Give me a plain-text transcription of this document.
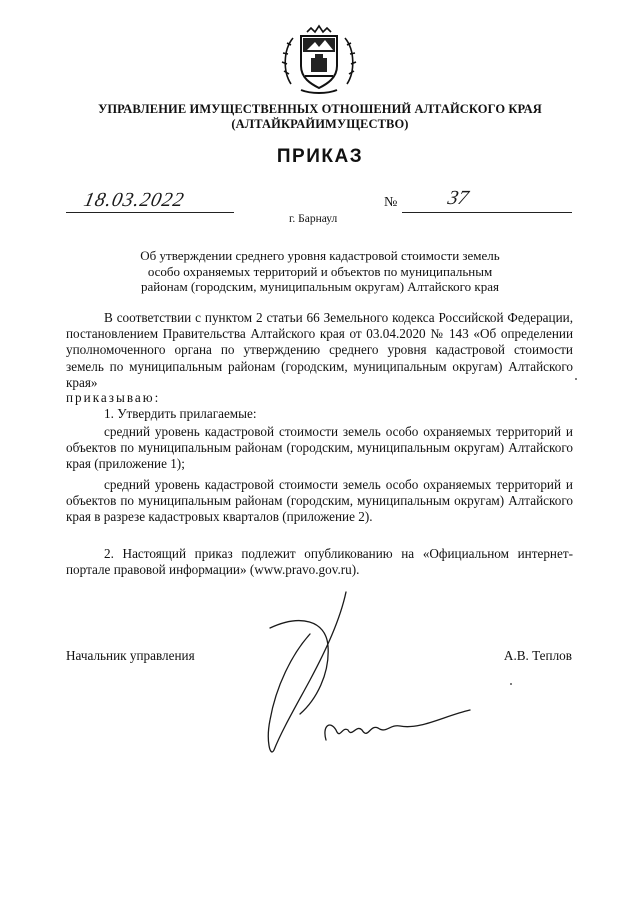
УПРАВЛЕНИЕ ИМУЩЕСТВЕННЫХ ОТНОШЕНИЙ АЛТАЙСКОГО КРАЯ
(АЛТАЙКРАЙИМУЩЕСТВО)
ПРИКАЗ
18.03.2022	№ 37
г. Барнаул
Об утверждении среднего уровня кадастровой стоимости земель
особо охраняемых территорий и объектов по муниципальным
районам (городским, муниципальным округам) Алтайского края
В соответствии с пунктом 2 статьи 66 Земельного кодекса Российской Федерации, постановлением Правительства Алтайского края от 03.04.2020 № 143 «Об определении уполномоченного органа по утверждению среднего уровня кадастровой стоимости земель по муниципальным районам (городским, муниципальным округам) Алтайского края»
приказываю:
1. Утвердить прилагаемые:
средний уровень кадастровой стоимости земель особо охраняемых территорий и объектов по муниципальным районам (городским, муниципальным округам) Алтайского края (приложение 1);
средний уровень кадастровой стоимости земель особо охраняемых территорий и объектов по муниципальным районам (городским, муниципальным округам) Алтайского края в разрезе кадастровых кварталов (приложение 2).
2. Настоящий приказ подлежит опубликованию на «Официальном интернет-портале правовой информации» (www.pravo.gov.ru).
Начальник управления	А.В. Теплов
